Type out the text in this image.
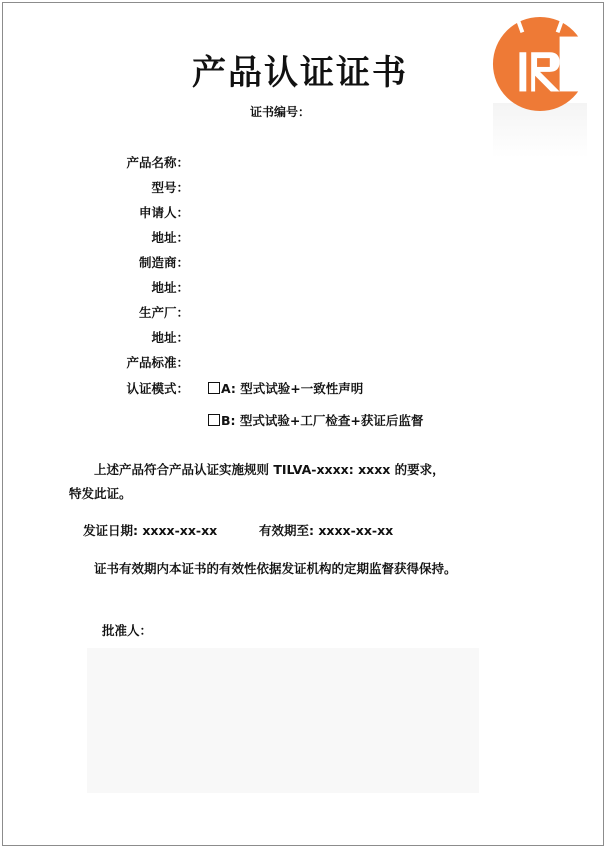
产品认证证书
证书编号：
产品名称：
型号：
申请人：
地址：
制造商：
地址：
生产厂：
地址：
产品标准：
认证模式：	A: 型式试验+一致性声明
B: 型式试验+工厂检查+获证后监督
上述产品符合产品认证实施规则 TILVA-xxxx: xxxx 的要求，特发此证。
发证日期: xxxx-xx-xx	有效期至: xxxx-xx-xx
证书有效期内本证书的有效性依据发证机构的定期监督获得保持。
批准人：
